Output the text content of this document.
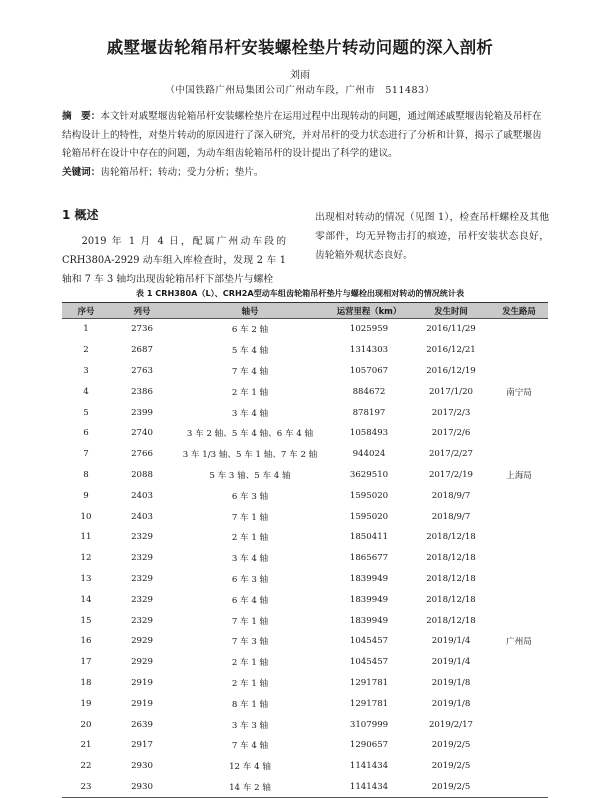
戚墅堰齿轮箱吊杆安装螺栓垫片转动问题的深入剖析
刘雨
（中国铁路广州局集团公司广州动车段，广州市　511483）
摘　要：本文针对戚墅堰齿轮箱吊杆安装螺栓垫片在运用过程中出现转动的问题，通过阐述戚墅堰齿轮箱及吊杆在结构设计上的特性，对垫片转动的原因进行了深入研究，并对吊杆的受力状态进行了分析和计算，揭示了戚墅堰齿轮箱吊杆在设计中存在的问题，为动车组齿轮箱吊杆的设计提出了科学的建议。
关键词：齿轮箱吊杆；转动；受力分析；垫片。
1 概述
2019 年 1 月 4 日，配属广州动车段的 CRH380A-2929 动车组入库检查时，发现 2 车 1 轴和 7 车 3 轴均出现齿轮箱吊杆下部垫片与螺栓
出现相对转动的情况（见图 1），检查吊杆螺栓及其他零部件，均无异物击打的痕迹，吊杆安装状态良好，齿轮箱外观状态良好。
表 1 CRH380A（L）、CRH2A型动车组齿轮箱吊杆垫片与螺栓出现相对转动的情况统计表
序号	列号	轴号	运营里程（km）	发生时间	发生路局
1	2736	6 车 2 轴	1025959	2016/11/29	
2	2687	5 车 4 轴	1314303	2016/12/21	
3	2763	7 车 4 轴	1057067	2016/12/19	
4	2386	2 车 1 轴	884672	2017/1/20	南宁局
5	2399	3 车 4 轴	878197	2017/2/3	
6	2740	3 车 2 轴、5 车 4 轴、6 车 4 轴	1058493	2017/2/6	
7	2766	3 车 1/3 轴、5 车 1 轴、7 车 2 轴	944024	2017/2/27	
8	2088	5 车 3 轴、5 车 4 轴	3629510	2017/2/19	上海局
9	2403	6 车 3 轴	1595020	2018/9/7	
10	2403	7 车 1 轴	1595020	2018/9/7	
11	2329	2 车 1 轴	1850411	2018/12/18	
12	2329	3 车 4 轴	1865677	2018/12/18	
13	2329	6 车 3 轴	1839949	2018/12/18	
14	2329	6 车 4 轴	1839949	2018/12/18	
15	2329	7 车 1 轴	1839949	2018/12/18	
16	2929	7 车 3 轴	1045457	2019/1/4	广州局
17	2929	2 车 1 轴	1045457	2019/1/4	
18	2919	2 车 1 轴	1291781	2019/1/8	
19	2919	8 车 1 轴	1291781	2019/1/8	
20	2639	3 车 3 轴	3107999	2019/2/17	
21	2917	7 车 4 轴	1290657	2019/2/5	
22	2930	12 车 4 轴	1141434	2019/2/5	
23	2930	14 车 2 轴	1141434	2019/2/5	
